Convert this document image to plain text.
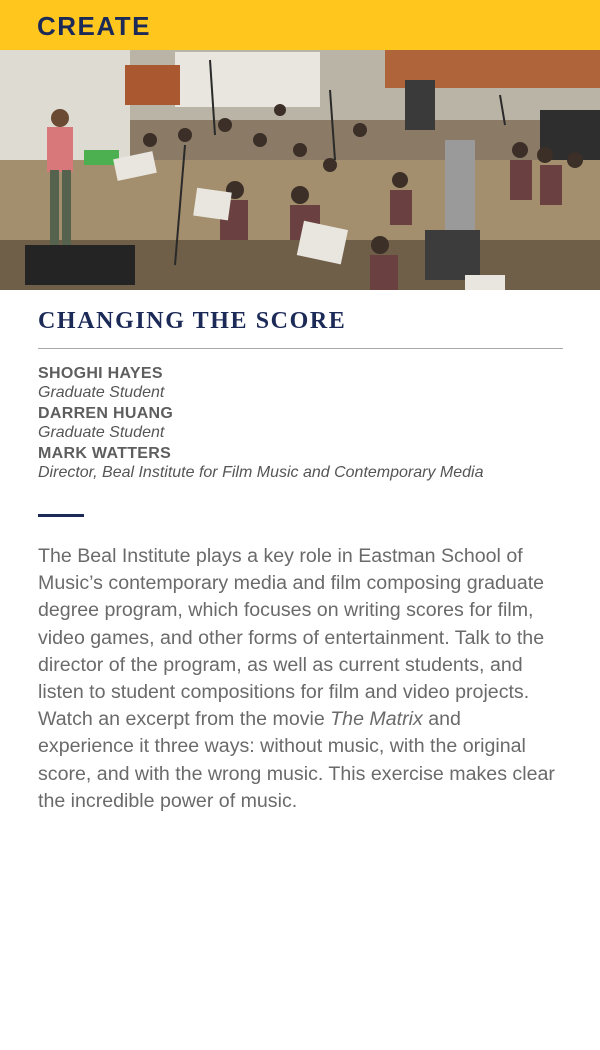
CREATE
CHANGING THE SCORE
SHOGHI HAYES
Graduate Student
DARREN HUANG
Graduate Student
MARK WATTERS
Director, Beal Institute for Film Music and Contemporary Media

The Beal Institute plays a key role in Eastman School of Music’s contemporary media and film composing graduate degree program, which focuses on writing scores for film, video games, and other forms of entertainment. Talk to the director of the program, as well as current students, and listen to student compositions for film and video projects. Watch an excerpt from the movie The Matrix and experience it three ways: without music, with the original score, and with the wrong music. This exercise makes clear the incredible power of music.
